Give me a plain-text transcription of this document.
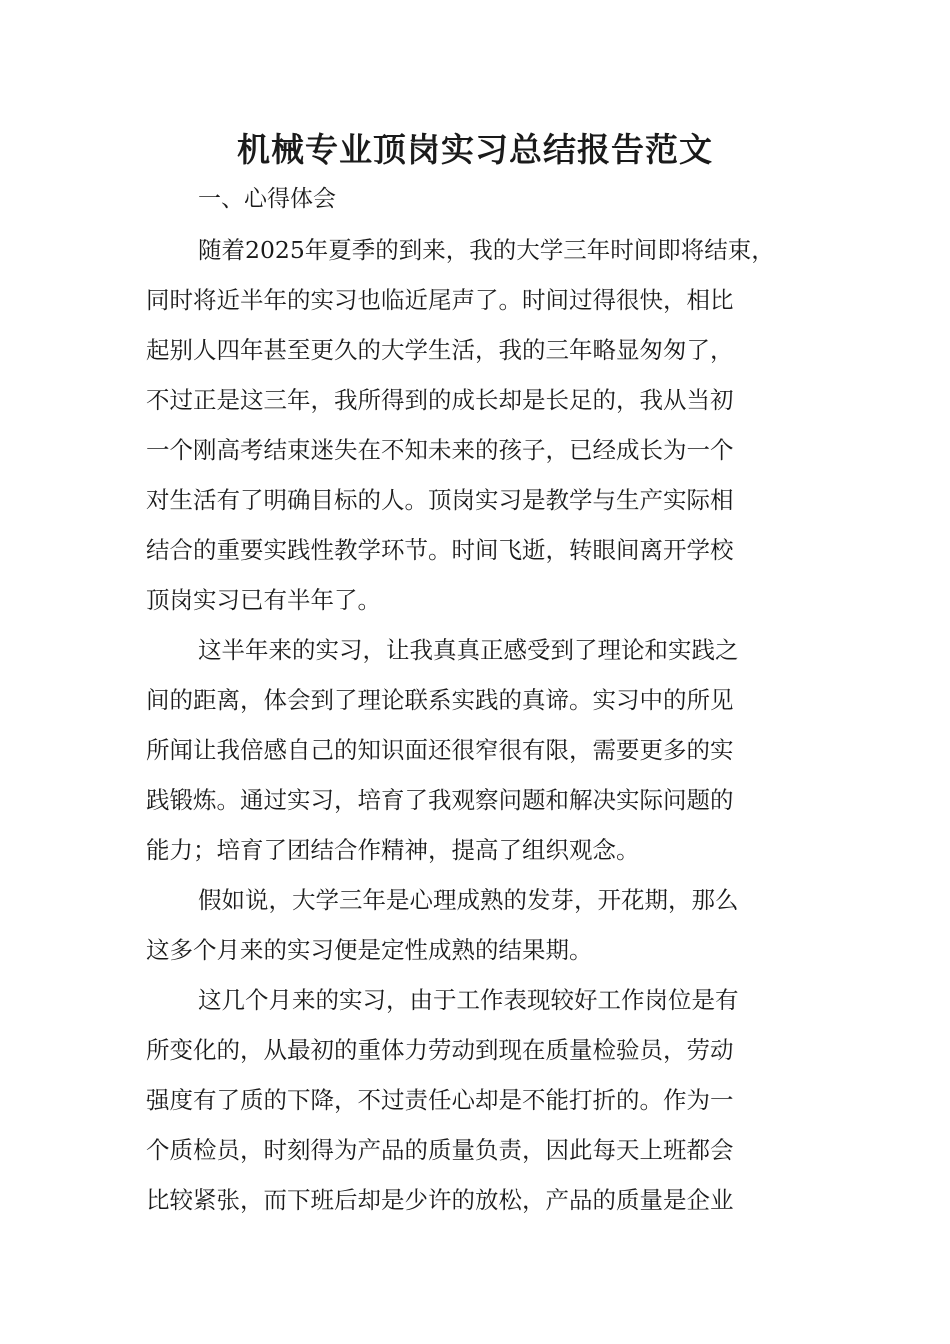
机械专业顶岗实习总结报告范文

一、心得体会

随着2025年夏季的到来，我的大学三年时间即将结束，

同时将近半年的实习也临近尾声了。时间过得很快，相比

起别人四年甚至更久的大学生活，我的三年略显匆匆了，

不过正是这三年，我所得到的成长却是长足的，我从当初

一个刚高考结束迷失在不知未来的孩子，已经成长为一个

对生活有了明确目标的人。顶岗实习是教学与生产实际相

结合的重要实践性教学环节。时间飞逝，转眼间离开学校

顶岗实习已有半年了。

这半年来的实习，让我真真正感受到了理论和实践之

间的距离，体会到了理论联系实践的真谛。实习中的所见

所闻让我倍感自己的知识面还很窄很有限，需要更多的实

践锻炼。通过实习，培育了我观察问题和解决实际问题的

能力；培育了团结合作精神，提高了组织观念。

假如说，大学三年是心理成熟的发芽，开花期，那么

这多个月来的实习便是定性成熟的结果期。

这几个月来的实习，由于工作表现较好工作岗位是有

所变化的，从最初的重体力劳动到现在质量检验员，劳动

强度有了质的下降，不过责任心却是不能打折的。作为一

个质检员，时刻得为产品的质量负责，因此每天上班都会

比较紧张，而下班后却是少许的放松，产品的质量是企业
